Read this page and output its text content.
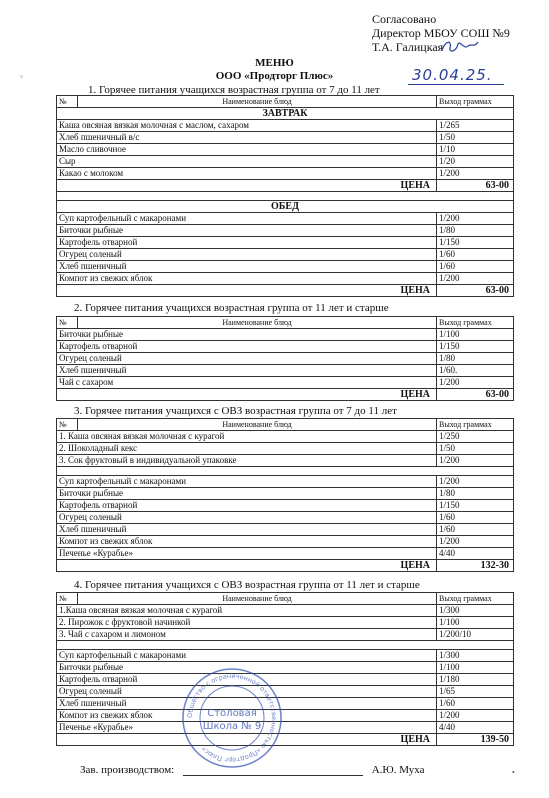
Согласовано
Директор МБОУ СОШ №9
Т.А. Галицкая
30.04.25.
◦
МЕНЮ
ООО «Продторг Плюс»
1. Горячее питания учащихся возрастная группа от 7 до 11 лет
№	Наименование блюд	Выход граммах
ЗАВТРАК		
Каша овсяная вязкая молочная с маслом, сахаром		1/265
Хлеб пшеничный в/с		1/50
Масло сливочное		1/10
Сыр		1/20
Какао с молоком		1/200
ЦЕНА		63-00

ОБЕД		
Суп картофельный с макаронами		1/200
Биточки рыбные		1/80
Картофель отварной		1/150
Огурец соленый		1/60
Хлеб пшеничный		1/60
Компот из свежих яблок		1/200
ЦЕНА		63-00
2. Горячее питания учащихся возрастная группа от 11 лет и старше
№	Наименование блюд	Выход граммах
Биточки рыбные		1/100
Картофель отварной		1/150
Огурец соленый		1/80
Хлеб пшеничный		1/60.
Чай с сахаром		1/200
ЦЕНА		63-00
3. Горячее питания учащихся с ОВЗ возрастная группа от 7 до 11 лет
№	Наименование блюд	Выход граммах
1. Каша овсяная вязкая молочная с курагой		1/250
2. Шоколадный кекс		1/50
3. Сок фруктовый в индивидуальной упаковке		1/200

Суп картофельный с макаронами		1/200
Биточки рыбные		1/80
Картофель отварной		1/150
Огурец соленый		1/60
Хлеб пшеничный		1/60
Компот из свежих яблок		1/200
Печенье «Курабье»		4/40
ЦЕНА		132-30
4. Горячее питания учащихся с ОВЗ возрастная группа от 11 лет и старше
№	Наименование блюд	Выход граммах
1.Каша овсяная вязкая молочная с курагой		1/300
2. Пирожок с фруктовой начинкой		1/100
3. Чай с сахаром и лимоном		1/200/10

Суп картофельный с макаронами		1/300
Биточки рыбные		1/100
Картофель отварной		1/180
Огурец соленый		1/65
Хлеб пшеничный		1/60
Компот из свежих яблок		1/200
Печенье «Курабье»		4/40
ЦЕНА		139-50
Общество с ограниченной ответственностью «Продторг Плюс»
Столовая
Школа № 9
Зав. производством:	А.Ю. Муха	•
